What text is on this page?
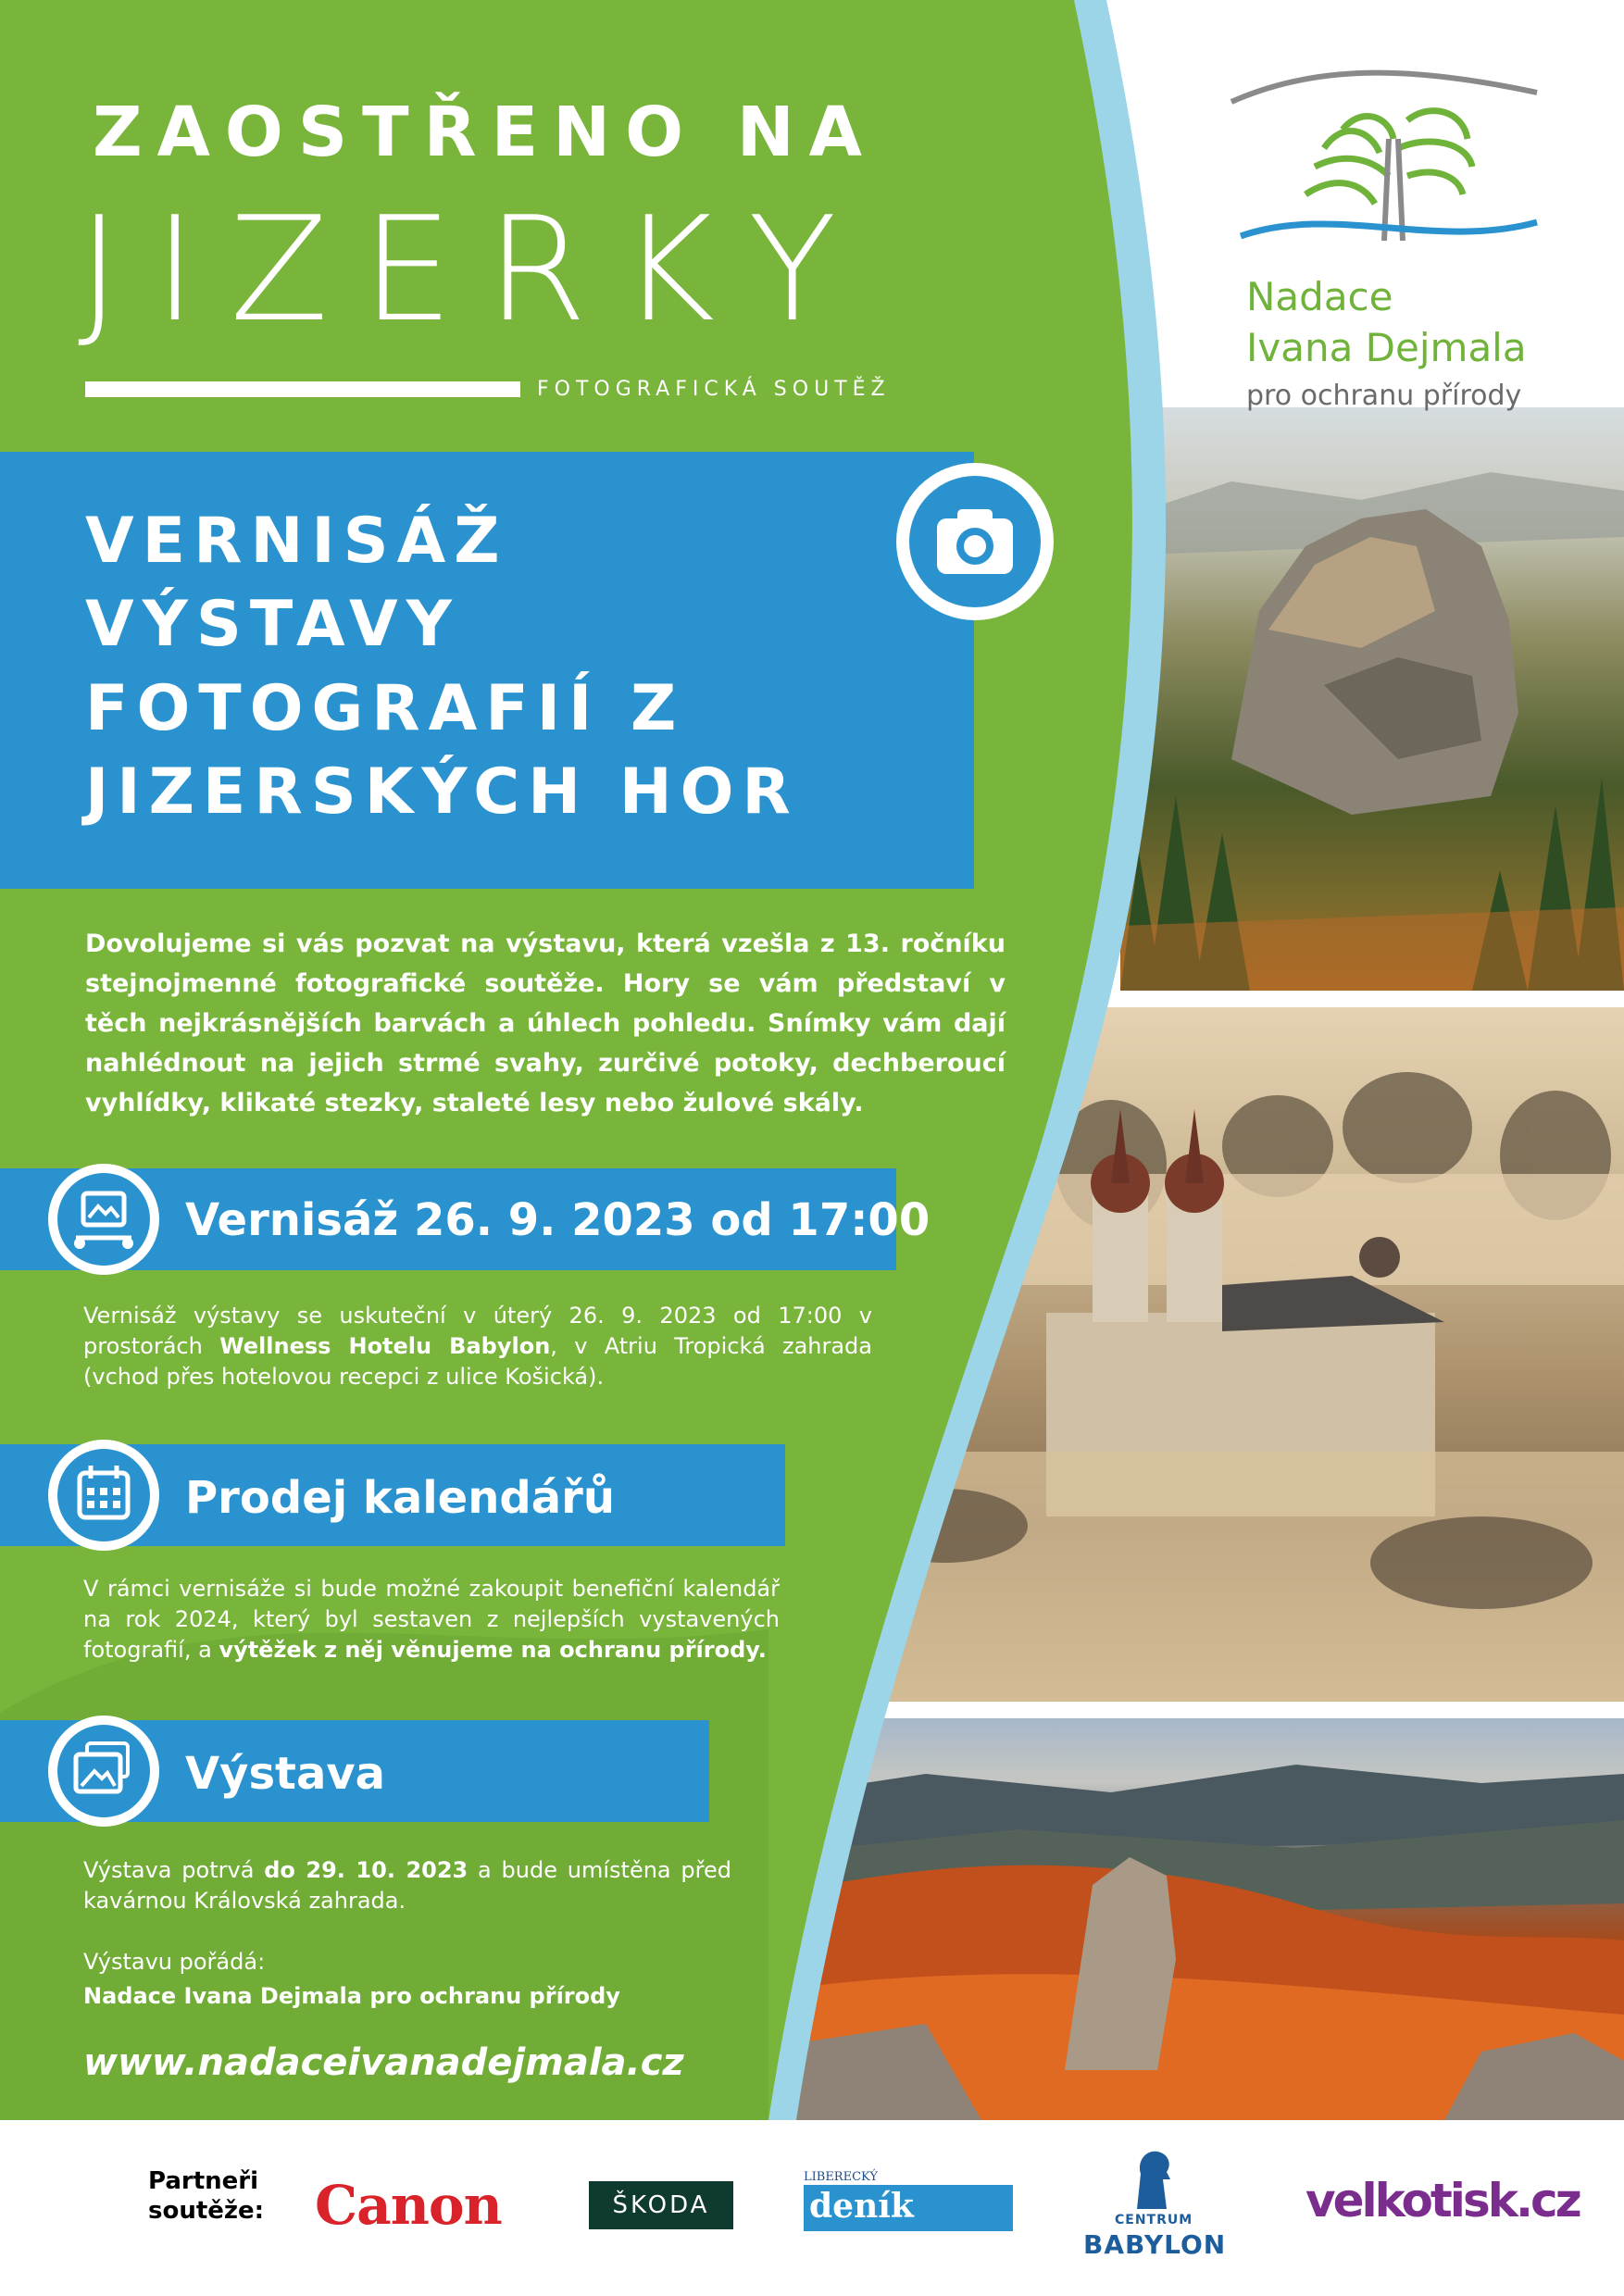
ZAOSTŘENO NA
JIZERKY
FOTOGRAFICKÁ SOUTĚŽ
Nadace
Ivana Dejmala
pro ochranu přírody
VERNISÁŽ
VÝSTAVY
FOTOGRAFIÍ Z
JIZERSKÝCH HOR
Dovolujeme si vás pozvat na výstavu, která vzešla z 13. ročníku stejnojmenné fotografické soutěže. Hory se vám představí v těch nejkrásnějších barvách a úhlech pohledu. Snímky vám dají nahlédnout na jejich strmé svahy, zurčivé potoky, dechberoucí vyhlídky, klikaté stezky, staleté lesy nebo žulové skály.
Vernisáž 26. 9. 2023 od 17:00
Vernisáž výstavy se uskuteční v úterý 26. 9. 2023 od 17:00 v prostorách Wellness Hotelu Babylon, v Atriu Tropická zahrada (vchod přes hotelovou recepci z ulice Košická).
Prodej kalendářů
V rámci vernisáže si bude možné zakoupit benefiční kalendář na rok 2024, který byl sestaven z nejlepších vystavených fotografií, a výtěžek z něj věnujeme na ochranu přírody.
Výstava
Výstava potrvá do 29. 10. 2023 a bude umístěna před kavárnou Královská zahrada.
Výstavu pořádá:
Nadace Ivana Dejmala pro ochranu přírody
www.nadaceivanadejmala.cz
Partneři soutěže: Canon	ŠKODA
LIBERECKÝ
deník	CENTRUM
BABYLON
velkotisk.cz
